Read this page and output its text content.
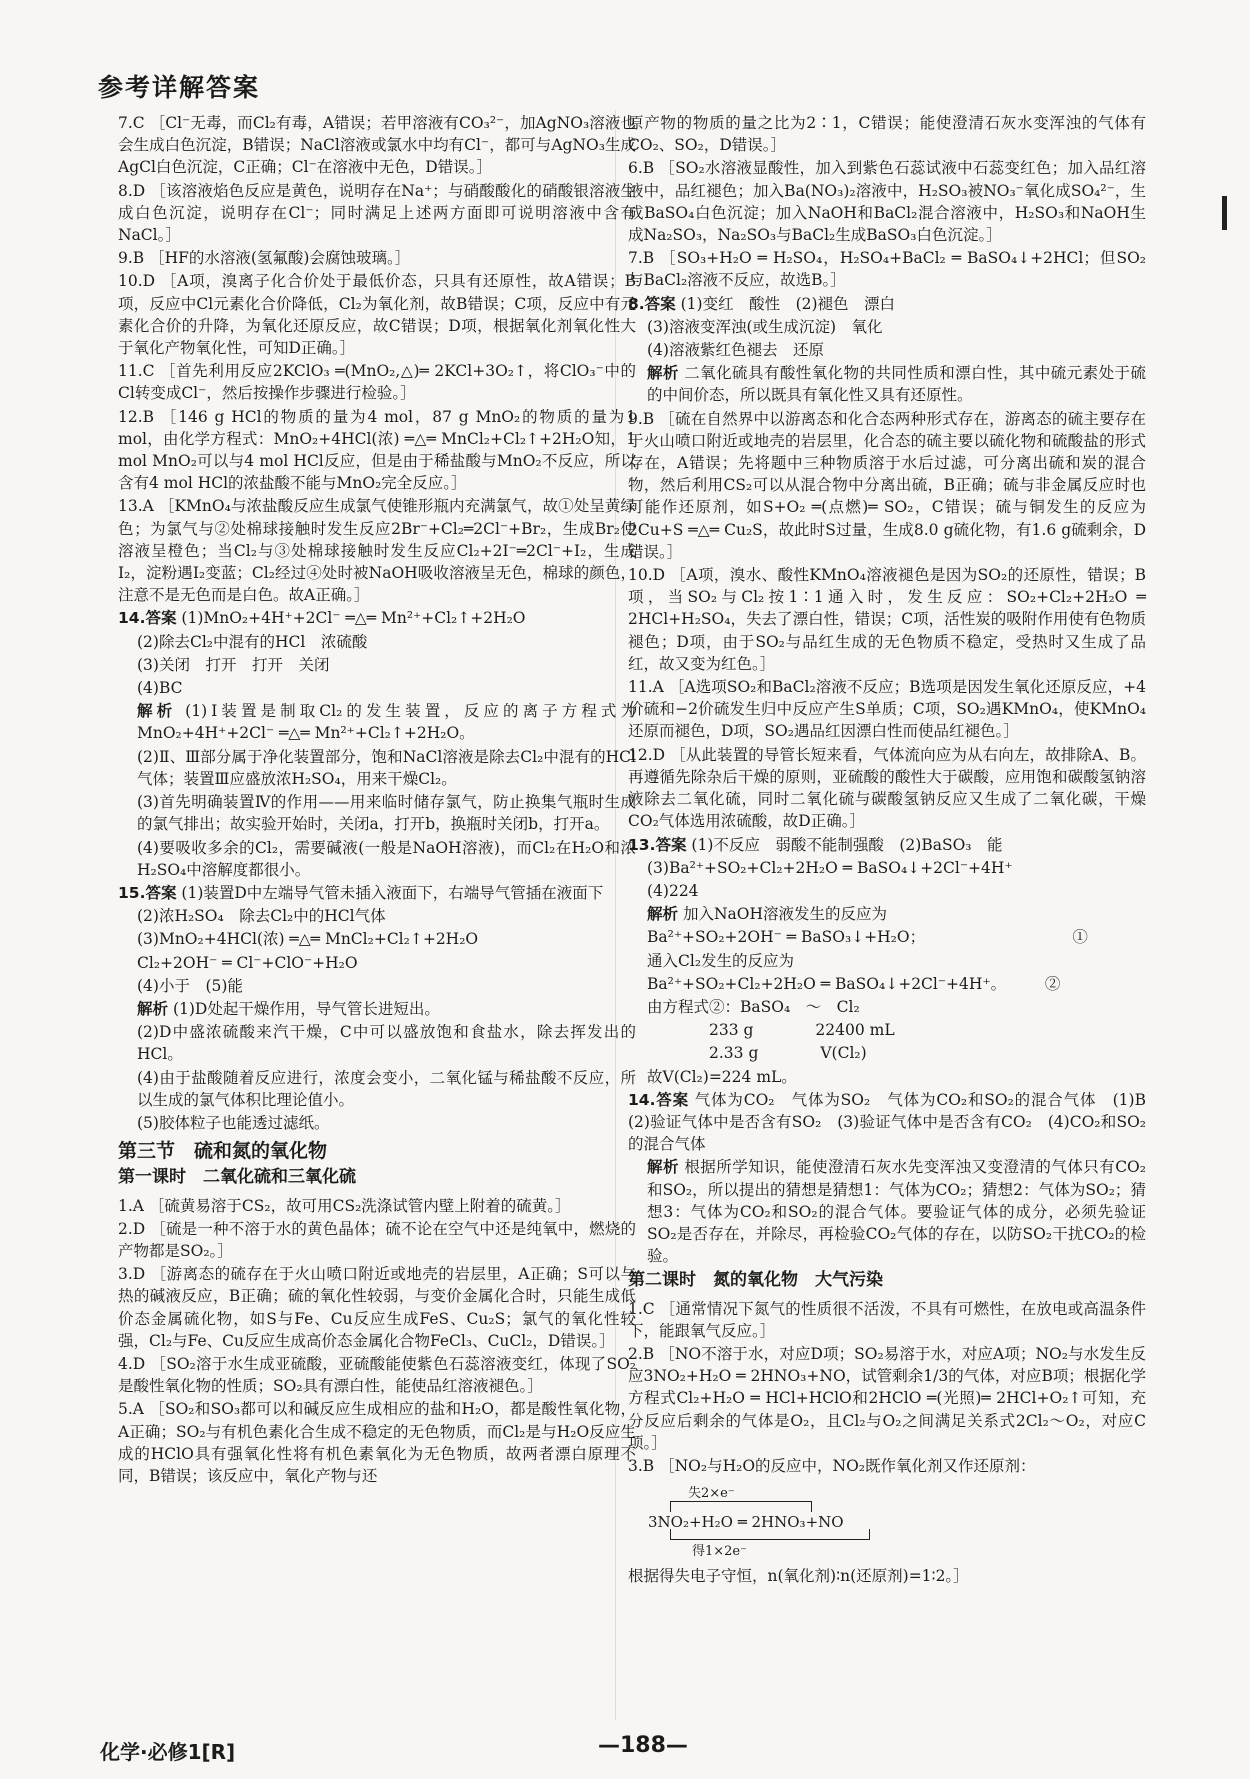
参考详解答案

7.C ［Cl⁻无毒，而Cl₂有毒，A错误；若甲溶液有CO₃²⁻，加AgNO₃溶液也会生成白色沉淀，B错误；NaCl溶液或氯水中均有Cl⁻，都可与AgNO₃生成AgCl白色沉淀，C正确；Cl⁻在溶液中无色，D错误。］

8.D ［该溶液焰色反应是黄色，说明存在Na⁺；与硝酸酸化的硝酸银溶液生成白色沉淀，说明存在Cl⁻；同时满足上述两方面即可说明溶液中含有NaCl。］

9.B ［HF的水溶液(氢氟酸)会腐蚀玻璃。］

10.D ［A项，溴离子化合价处于最低价态，只具有还原性，故A错误；B项，反应中Cl元素化合价降低，Cl₂为氧化剂，故B错误；C项，反应中有元素化合价的升降，为氧化还原反应，故C错误；D项，根据氧化剂氧化性大于氧化产物氧化性，可知D正确。］

11.C ［首先利用反应2KClO₃ ═(MnO₂,△)═ 2KCl+3O₂↑，将ClO₃⁻中的Cl转变成Cl⁻，然后按操作步骤进行检验。］

12.B ［146 g HCl的物质的量为4 mol，87 g MnO₂的物质的量为1 mol，由化学方程式：MnO₂+4HCl(浓) ═△═ MnCl₂+Cl₂↑+2H₂O知，1 mol MnO₂可以与4 mol HCl反应，但是由于稀盐酸与MnO₂不反应，所以含有4 mol HCl的浓盐酸不能与MnO₂完全反应。］

13.A ［KMnO₄与浓盐酸反应生成氯气使锥形瓶内充满氯气，故①处呈黄绿色；为氯气与②处棉球接触时发生反应2Br⁻+Cl₂═2Cl⁻+Br₂，生成Br₂使溶液呈橙色；当Cl₂与③处棉球接触时发生反应Cl₂+2I⁻═2Cl⁻+I₂，生成I₂，淀粉遇I₂变蓝；Cl₂经过④处时被NaOH吸收溶液呈无色，棉球的颜色，注意不是无色而是白色。故A正确。］

14.答案 (1)MnO₂+4H⁺+2Cl⁻ ═△═ Mn²⁺+Cl₂↑+2H₂O

(2)除去Cl₂中混有的HCl　浓硫酸

(3)关闭　打开　打开　关闭

(4)BC

解析 (1)Ⅰ装置是制取Cl₂的发生装置，反应的离子方程式为MnO₂+4H⁺+2Cl⁻ ═△═ Mn²⁺+Cl₂↑+2H₂O。

(2)Ⅱ、Ⅲ部分属于净化装置部分，饱和NaCl溶液是除去Cl₂中混有的HCl气体；装置Ⅲ应盛放浓H₂SO₄，用来干燥Cl₂。

(3)首先明确装置Ⅳ的作用——用来临时储存氯气，防止换集气瓶时生成的氯气排出；故实验开始时，关闭a，打开b，换瓶时关闭b，打开a。

(4)要吸收多余的Cl₂，需要碱液(一般是NaOH溶液)，而Cl₂在H₂O和浓H₂SO₄中溶解度都很小。

15.答案 (1)装置D中左端导气管未插入液面下，右端导气管插在液面下

(2)浓H₂SO₄　除去Cl₂中的HCl气体

(3)MnO₂+4HCl(浓) ═△═ MnCl₂+Cl₂↑+2H₂O

Cl₂+2OH⁻ ═ Cl⁻+ClO⁻+H₂O

(4)小于　(5)能

解析 (1)D处起干燥作用，导气管长进短出。

(2)D中盛浓硫酸来汽干燥，C中可以盛放饱和食盐水，除去挥发出的HCl。

(4)由于盐酸随着反应进行，浓度会变小，二氧化锰与稀盐酸不反应，所以生成的氯气体积比理论值小。

(5)胶体粒子也能透过滤纸。

第三节　硫和氮的氧化物

第一课时　二氧化硫和三氧化硫

1.A ［硫黄易溶于CS₂，故可用CS₂洗涤试管内壁上附着的硫黄。］

2.D ［硫是一种不溶于水的黄色晶体；硫不论在空气中还是纯氧中，燃烧的产物都是SO₂。］

3.D ［游离态的硫存在于火山喷口附近或地壳的岩层里，A正确；S可以与热的碱液反应，B正确；硫的氧化性较弱，与变价金属化合时，只能生成低价态金属硫化物，如S与Fe、Cu反应生成FeS、Cu₂S；氯气的氧化性较强，Cl₂与Fe、Cu反应生成高价态金属化合物FeCl₃、CuCl₂，D错误。］

4.D ［SO₂溶于水生成亚硫酸，亚硫酸能使紫色石蕊溶液变红，体现了SO₂是酸性氧化物的性质；SO₂具有漂白性，能使品红溶液褪色。］

5.A ［SO₂和SO₃都可以和碱反应生成相应的盐和H₂O，都是酸性氧化物，A正确；SO₂与有机色素化合生成不稳定的无色物质，而Cl₂是与H₂O反应生成的HClO具有强氧化性将有机色素氧化为无色物质，故两者漂白原理不同，B错误；该反应中，氧化产物与还

原产物的物质的量之比为2∶1，C错误；能使澄清石灰水变浑浊的气体有CO₂、SO₂，D错误。］

6.B ［SO₂水溶液显酸性，加入到紫色石蕊试液中石蕊变红色；加入品红溶液中，品红褪色；加入Ba(NO₃)₂溶液中，H₂SO₃被NO₃⁻氧化成SO₄²⁻，生成BaSO₄白色沉淀；加入NaOH和BaCl₂混合溶液中，H₂SO₃和NaOH生成Na₂SO₃，Na₂SO₃与BaCl₂生成BaSO₃白色沉淀。］

7.B ［SO₃+H₂O ═ H₂SO₄，H₂SO₄+BaCl₂ ═ BaSO₄↓+2HCl；但SO₂与BaCl₂溶液不反应，故选B。］

8.答案 (1)变红　酸性　(2)褪色　漂白

(3)溶液变浑浊(或生成沉淀)　氧化

(4)溶液紫红色褪去　还原

解析 二氧化硫具有酸性氧化物的共同性质和漂白性，其中硫元素处于硫的中间价态，所以既具有氧化性又具有还原性。

9.B ［硫在自然界中以游离态和化合态两种形式存在，游离态的硫主要存在于火山喷口附近或地壳的岩层里，化合态的硫主要以硫化物和硫酸盐的形式存在，A错误；先将题中三种物质溶于水后过滤，可分离出硫和炭的混合物，然后利用CS₂可以从混合物中分离出硫，B正确；硫与非金属反应时也可能作还原剂，如S+O₂ ═(点燃)═ SO₂，C错误；硫与铜发生的反应为2Cu+S ═△═ Cu₂S，故此时S过量，生成8.0 g硫化物，有1.6 g硫剩余，D错误。］

10.D ［A项，溴水、酸性KMnO₄溶液褪色是因为SO₂的还原性，错误；B项，当SO₂与Cl₂按1∶1通入时，发生反应：SO₂+Cl₂+2H₂O ═ 2HCl+H₂SO₄，失去了漂白性，错误；C项，活性炭的吸附作用使有色物质褪色；D项，由于SO₂与品红生成的无色物质不稳定，受热时又生成了品红，故又变为红色。］

11.A ［A选项SO₂和BaCl₂溶液不反应；B选项是因发生氧化还原反应，+4价硫和−2价硫发生归中反应产生S单质；C项，SO₂遇KMnO₄，使KMnO₄还原而褪色，D项，SO₂遇品红因漂白性而使品红褪色。］

12.D ［从此装置的导管长短来看，气体流向应为从右向左，故排除A、B。再遵循先除杂后干燥的原则，亚硫酸的酸性大于碳酸，应用饱和碳酸氢钠溶液除去二氧化硫，同时二氧化硫与碳酸氢钠反应又生成了二氧化碳，干燥CO₂气体选用浓硫酸，故D正确。］

13.答案 (1)不反应　弱酸不能制强酸　(2)BaSO₃　能

(3)Ba²⁺+SO₂+Cl₂+2H₂O ═ BaSO₄↓+2Cl⁻+4H⁺

(4)224

解析 加入NaOH溶液发生的反应为

Ba²⁺+SO₂+2OH⁻ ═ BaSO₃↓+H₂O；　　　　　　　　　　①

通入Cl₂发生的反应为

Ba²⁺+SO₂+Cl₂+2H₂O ═ BaSO₄↓+2Cl⁻+4H⁺。　　　②

由方程式②：BaSO₄　～　Cl₂

　　　　233 g　　　　22400 mL

　　　　2.33 g　　　　V(Cl₂)

故V(Cl₂)=224 mL。

14.答案 气体为CO₂　气体为SO₂　气体为CO₂和SO₂的混合气体　(1)B　(2)验证气体中是否含有SO₂　(3)验证气体中是否含有CO₂　(4)CO₂和SO₂的混合气体

解析 根据所学知识，能使澄清石灰水先变浑浊又变澄清的气体只有CO₂和SO₂，所以提出的猜想是猜想1：气体为CO₂；猜想2：气体为SO₂；猜想3：气体为CO₂和SO₂的混合气体。要验证气体的成分，必须先验证SO₂是否存在，并除尽，再检验CO₂气体的存在，以防SO₂干扰CO₂的检验。

第二课时　氮的氧化物　大气污染

1.C ［通常情况下氮气的性质很不活泼，不具有可燃性，在放电或高温条件下，能跟氧气反应。］

2.B ［NO不溶于水，对应D项；SO₂易溶于水，对应A项；NO₂与水发生反应3NO₂+H₂O ═ 2HNO₃+NO，试管剩余1/3的气体，对应B项；根据化学方程式Cl₂+H₂O ═ HCl+HClO和2HClO ═(光照)═ 2HCl+O₂↑可知，充分反应后剩余的气体是O₂，且Cl₂与O₂之间满足关系式2Cl₂～O₂，对应C项。］

3.B ［NO₂与H₂O的反应中，NO₂既作氧化剂又作还原剂：

失2×e⁻
3NO₂+H₂O ═ 2HNO₃+NO
得1×2e⁻

根据得失电子守恒，n(氧化剂)∶n(还原剂)=1∶2。］

化学·必修1[R]	—188—
